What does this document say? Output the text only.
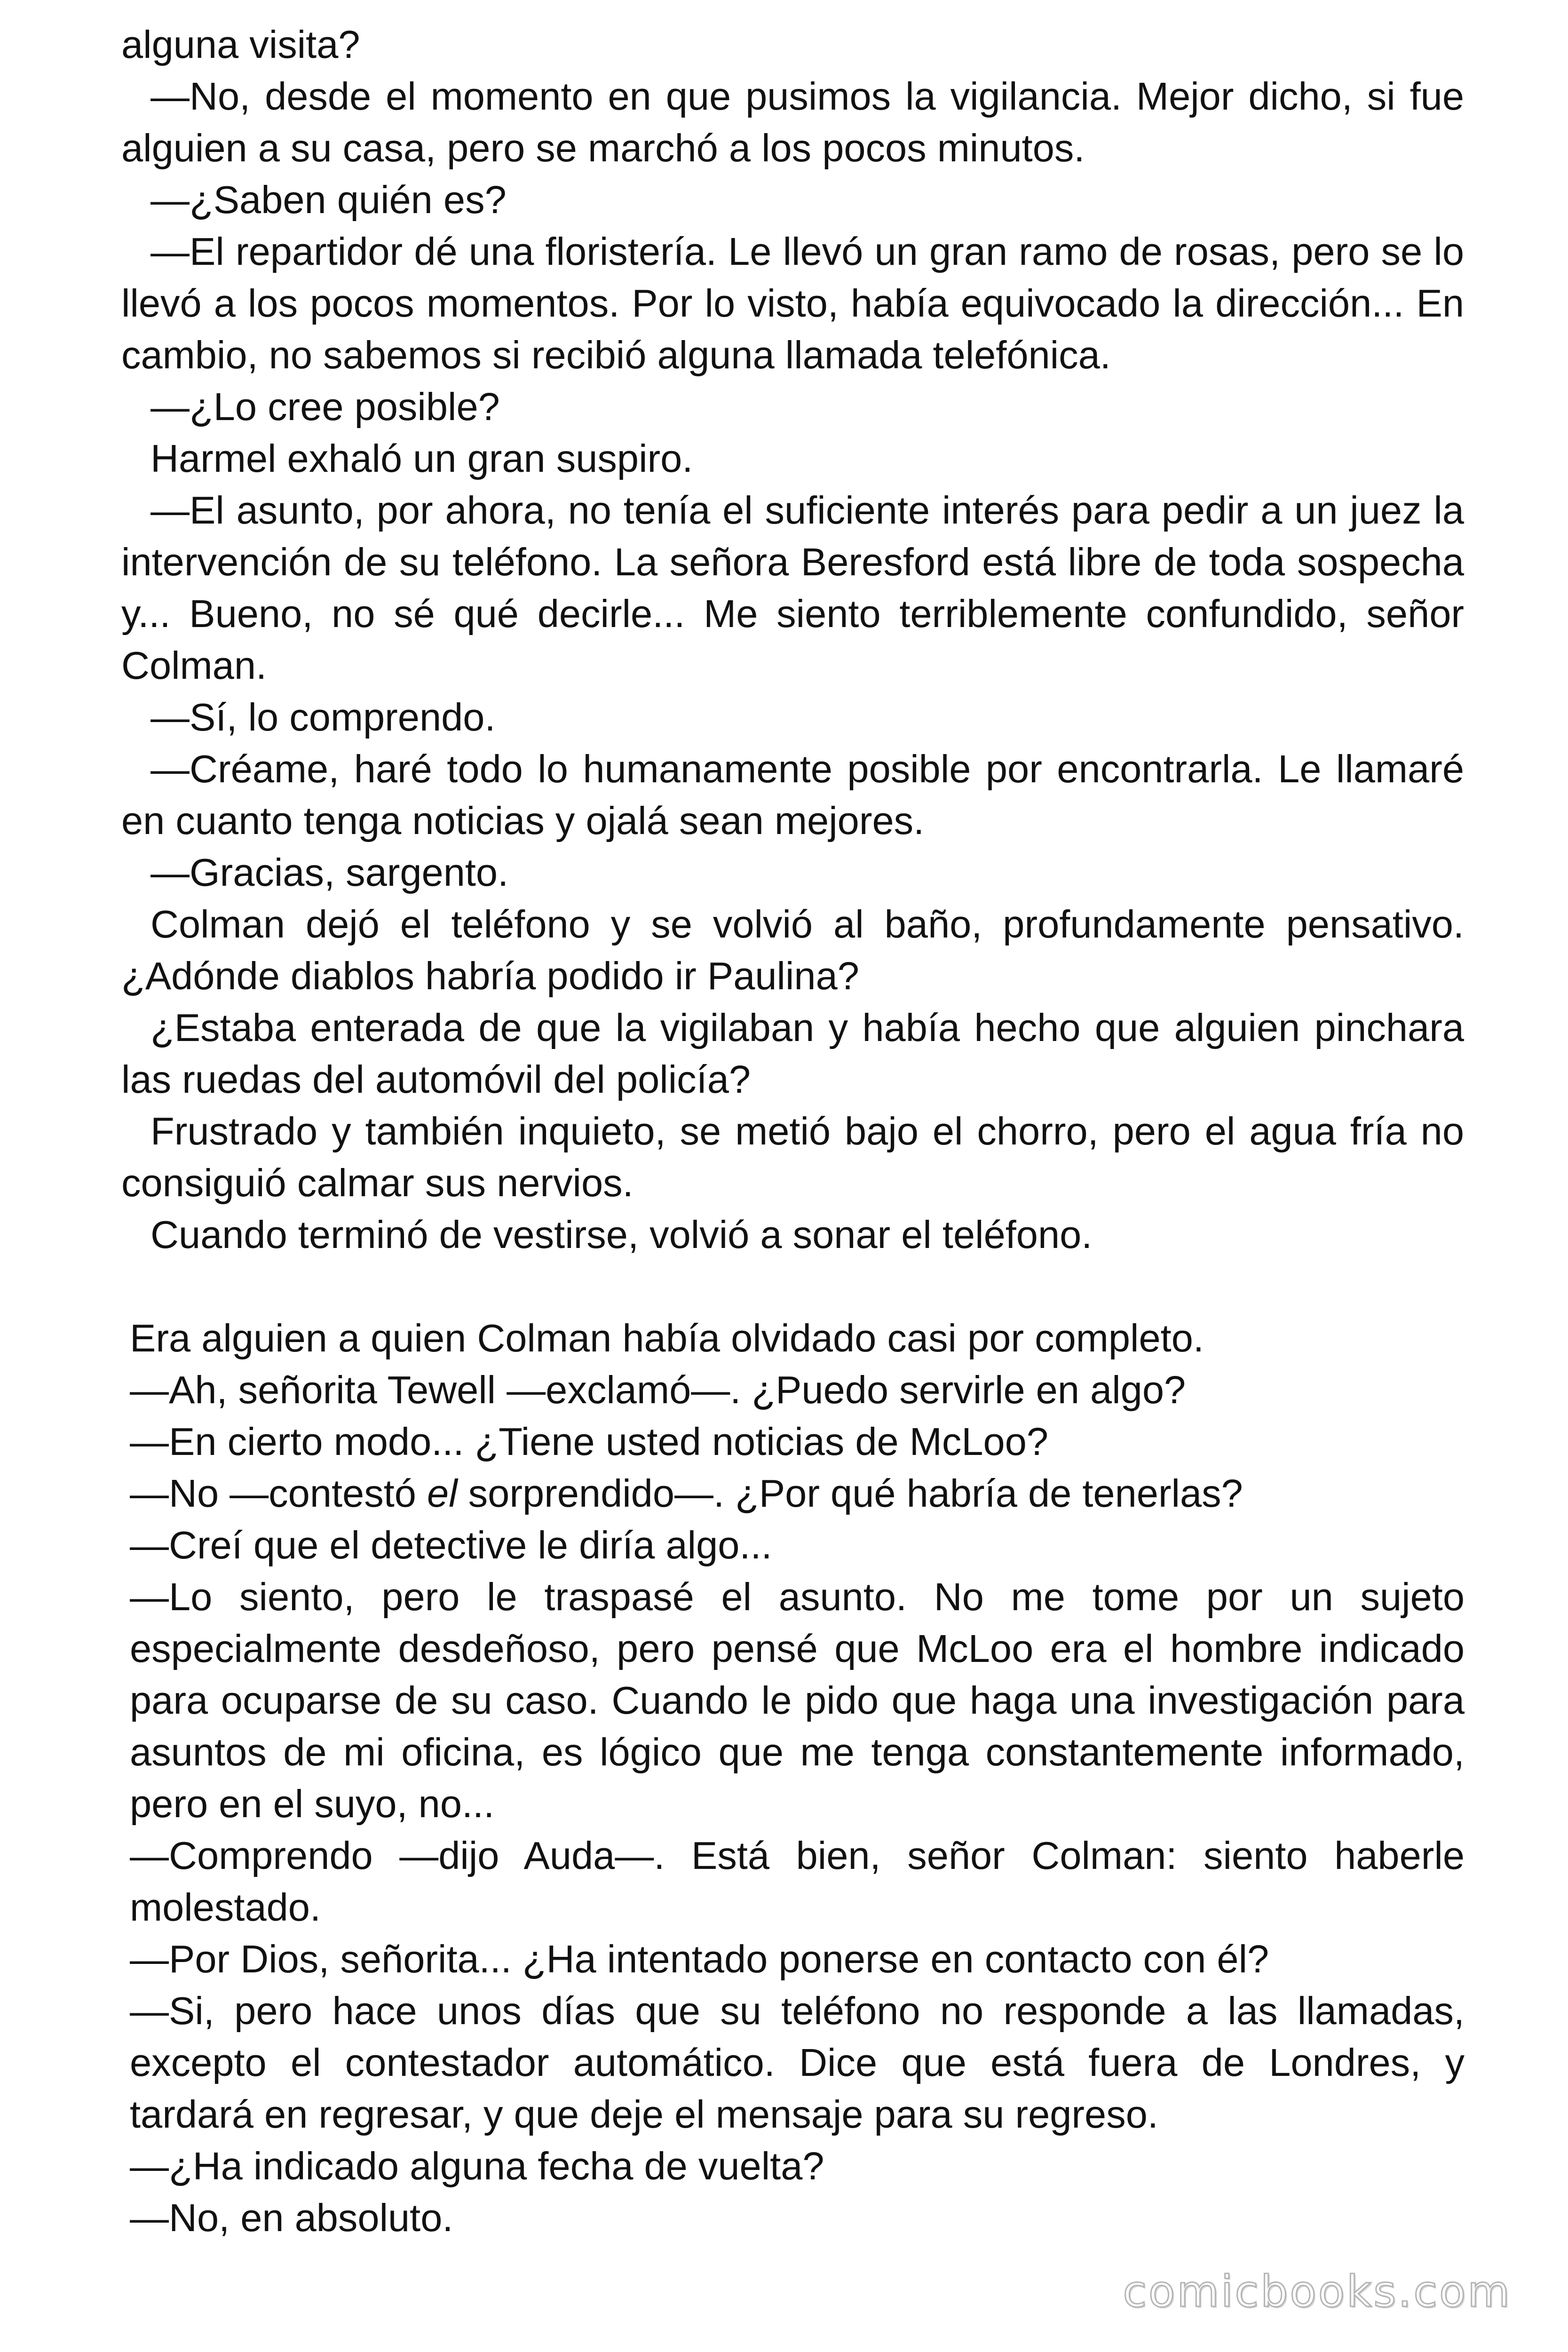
alguna visita?

—No, desde el momento en que pusimos la vigilancia. Mejor dicho, si fue alguien a su casa, pero se marchó a los pocos minutos.

—¿Saben quién es?

—El repartidor dé una floristería. Le llevó un gran ramo de rosas, pero se lo llevó a los pocos momentos. Por lo visto, había equivocado la dirección... En cambio, no sabemos si recibió alguna llamada telefónica.

—¿Lo cree posible?

Harmel exhaló un gran suspiro.

—El asunto, por ahora, no tenía el suficiente interés para pedir a un juez la intervención de su teléfono. La señora Beresford está libre de toda sospecha y... Bueno, no sé qué decirle... Me siento terriblemente confundido, señor Colman.

—Sí, lo comprendo.

—Créame, haré todo lo humanamente posible por encontrarla. Le llamaré en cuanto tenga noticias y ojalá sean mejores.

—Gracias, sargento.

Colman dejó el teléfono y se volvió al baño, profundamente pensativo. ¿Adónde diablos habría podido ir Paulina?

¿Estaba enterada de que la vigilaban y había hecho que alguien pinchara las ruedas del automóvil del policía?

Frustrado y también inquieto, se metió bajo el chorro, pero el agua fría no consiguió calmar sus nervios.

Cuando terminó de vestirse, volvió a sonar el teléfono.

Era alguien a quien Colman había olvidado casi por completo.

—Ah, señorita Tewell —exclamó—. ¿Puedo servirle en algo?

—En cierto modo... ¿Tiene usted noticias de McLoo?

—No —contestó el sorprendido—. ¿Por qué habría de tenerlas?

—Creí que el detective le diría algo...

—Lo siento, pero le traspasé el asunto. No me tome por un sujeto especialmente desdeñoso, pero pensé que McLoo era el hombre indicado para ocuparse de su caso. Cuando le pido que haga una investigación para asuntos de mi oficina, es lógico que me tenga constantemente informado, pero en el suyo, no...

—Comprendo —dijo Auda—. Está bien, señor Colman: siento haberle molestado.

—Por Dios, señorita... ¿Ha intentado ponerse en contacto con él?

—Si, pero hace unos días que su teléfono no responde a las llamadas, excepto el contestador automático. Dice que está fuera de Londres, y tardará en regresar, y que deje el mensaje para su regreso.

—¿Ha indicado alguna fecha de vuelta?

—No, en absoluto.

comicbooks.com
